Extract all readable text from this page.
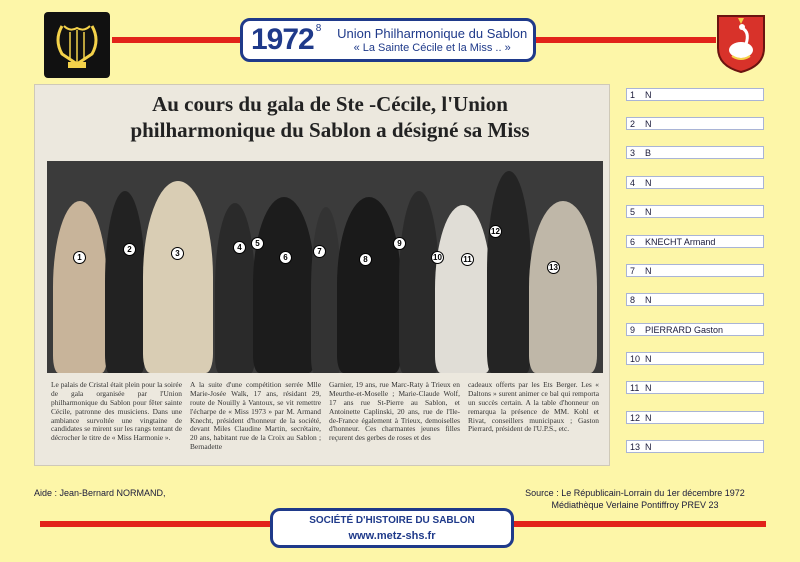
1972 8	Union Philharmonique du Sablon
« La Sainte Cécile et la Miss .. »
Au cours du gala de Ste -Cécile, l'Union
philharmonique du Sablon a désigné sa Miss
1
2	3
4	5
6
7
8
9
10	11
12
13
Le palais de Cristal était plein pour la soirée de gala organisée par l'Union philharmonique du Sablon pour fêter sainte Cécile, patronne des musiciens. Dans une ambiance survoltée une vingtaine de candidates se mirent sur les rangs tentant de décrocher le titre de « Miss Harmonie ».
A la suite d'une compétition serrée Mlle Marie-Josée Walk, 17 ans, résidant 29, route de Nouilly à Vantoux, se vit remettre l'écharpe de « Miss 1973 » par M. Armand Knecht, président d'honneur de la société, devant Miles Claudine Martin, secrétaire, 20 ans, habitant rue de la Croix au Sablon ; Bernadette
Garnier, 19 ans, rue Marc-Raty à Trieux en Meurthe-et-Moselle ; Marie-Claude Wolf, 17 ans rue St-Pierre au Sablon, et Antoinette Caplinski, 20 ans, rue de l'Ile-de-France également à Trieux, demoiselles d'honneur. Ces charmantes jeunes filles reçurent des gerbes de roses et des
cadeaux offerts par les Ets Berger. Les « Daltons » surent animer ce bal qui remporta un succès certain. A la table d'honneur on remarqua la présence de MM. Kohl et Rivat, conseillers municipaux ; Gaston Pierrard, président de l'U.P.S., etc.
1	N
2	N
3	B
4	N
5	N
6	KNECHT Armand
7	N
8	N
9	PIERRARD Gaston
10 N
11 N
12 N
13 N
Aide : Jean-Bernard NORMAND,	Source : Le Républicain-Lorrain du 1er décembre 1972
Médiathèque Verlaine Pontiffroy PREV 23
SOCIÉTÉ D'HISTOIRE DU SABLON
www.metz-shs.fr
